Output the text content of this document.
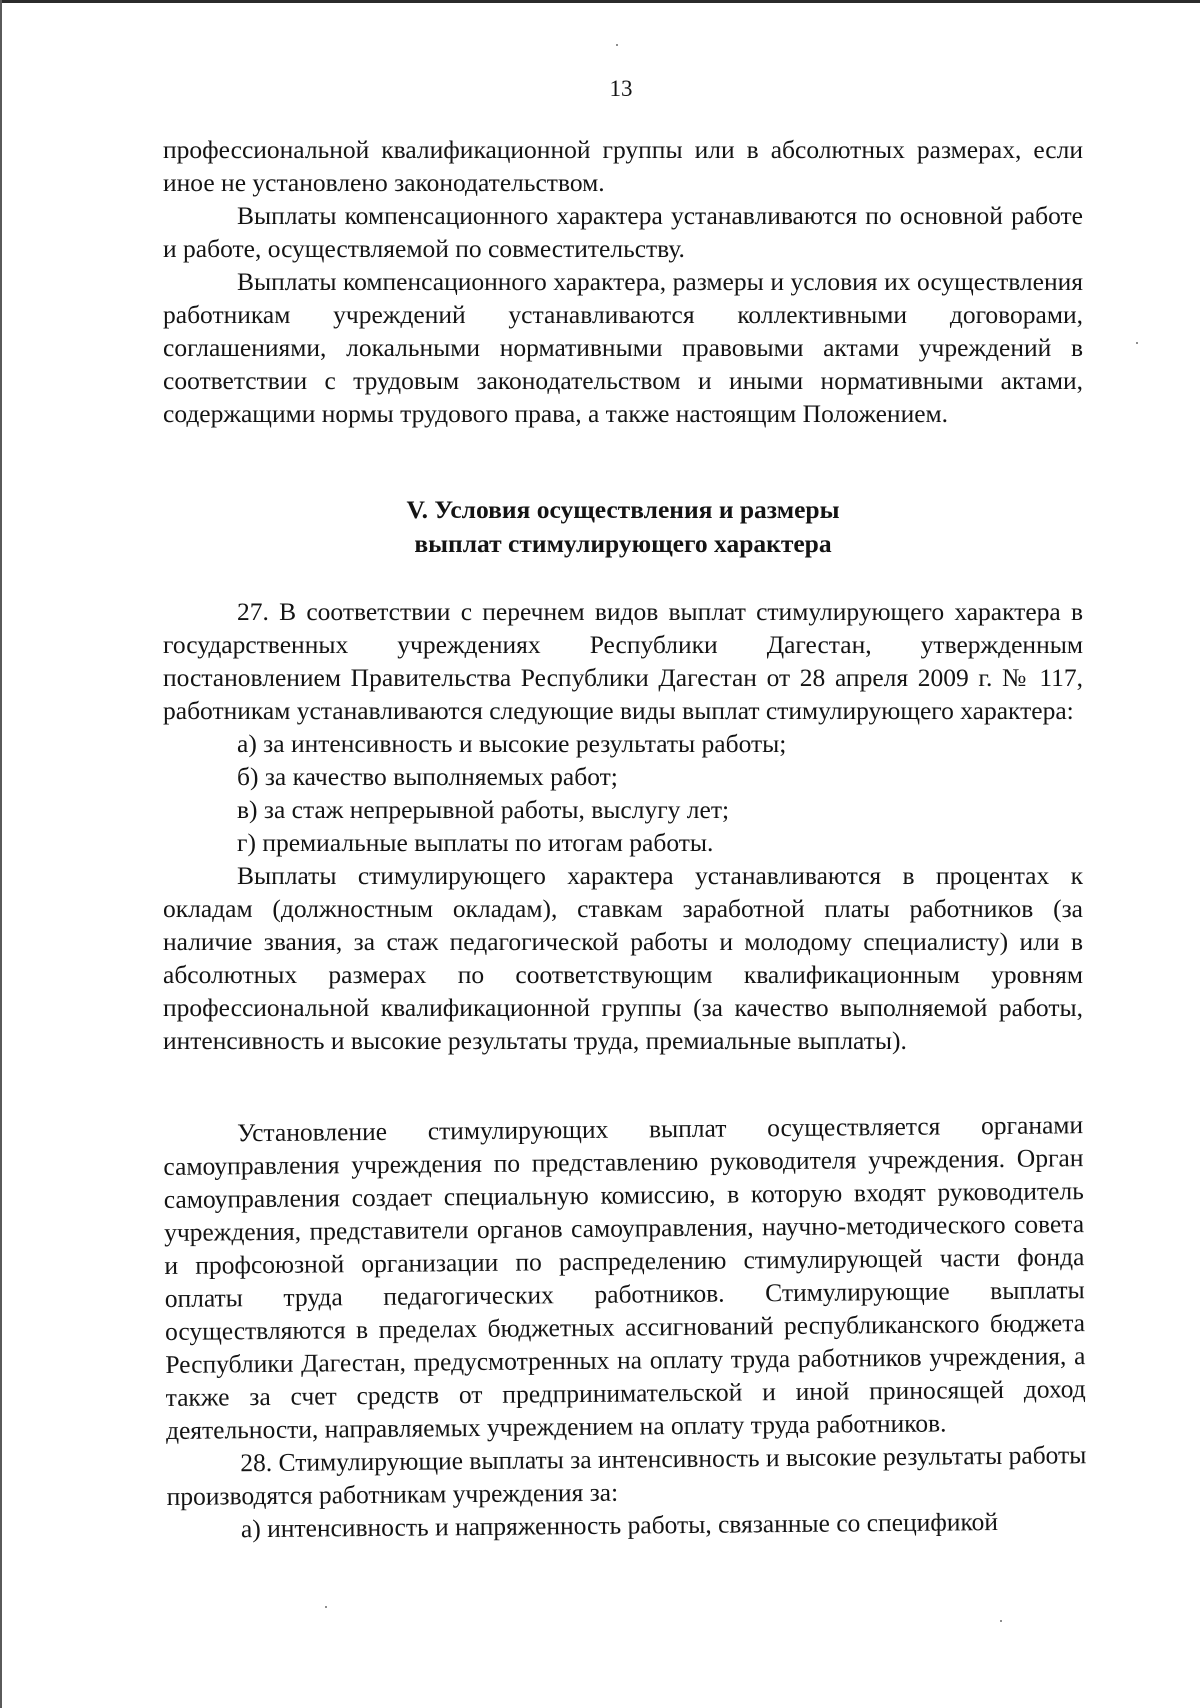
13

профессиональной квалификационной группы или в абсолютных размерах, если иное не установлено законодательством.

Выплаты компенсационного характера устанавливаются по основной работе и работе, осуществляемой по совместительству.

Выплаты компенсационного характера, размеры и условия их осуществления работникам учреждений устанавливаются коллективными договорами, соглашениями, локальными нормативными правовыми актами учреждений в соответствии с трудовым законодательством и иными нормативными актами, содержащими нормы трудового права, а также настоящим Положением.

V. Условия осуществления и размеры
выплат стимулирующего характера

27. В соответствии с перечнем видов выплат стимулирующего характера в государственных учреждениях Республики Дагестан, утвержденным постановлением Правительства Республики Дагестан от 28 апреля 2009 г. № 117, работникам устанавливаются следующие виды выплат стимулирующего характера:

а) за интенсивность и высокие результаты работы;

б) за качество выполняемых работ;

в) за стаж непрерывной работы, выслугу лет;

г) премиальные выплаты по итогам работы.

Выплаты стимулирующего характера устанавливаются в процентах к окладам (должностным окладам), ставкам заработной платы работников (за наличие звания, за стаж педагогической работы и молодому специалисту) или в абсолютных размерах по соответствующим квалификационным уровням профессиональной квалификационной группы (за качество выполняемой работы, интенсивность и высокие результаты труда, премиальные выплаты).

Установление стимулирующих выплат осуществляется органами самоуправления учреждения по представлению руководителя учреждения. Орган самоуправления создает специальную комиссию, в которую входят руководитель учреждения, представители органов самоуправления, научно-методического совета и профсоюзной организации по распределению стимулирующей части фонда оплаты труда педагогических работников. Стимулирующие выплаты осуществляются в пределах бюджетных ассигнований республиканского бюджета Республики Дагестан, предусмотренных на оплату труда работников учреждения, а также за счет средств от предпринимательской и иной приносящей доход деятельности, направляемых учреждением на оплату труда работников.

28. Стимулирующие выплаты за интенсивность и высокие результаты работы производятся работникам учреждения за:

а) интенсивность и напряженность работы, связанные со спецификой
